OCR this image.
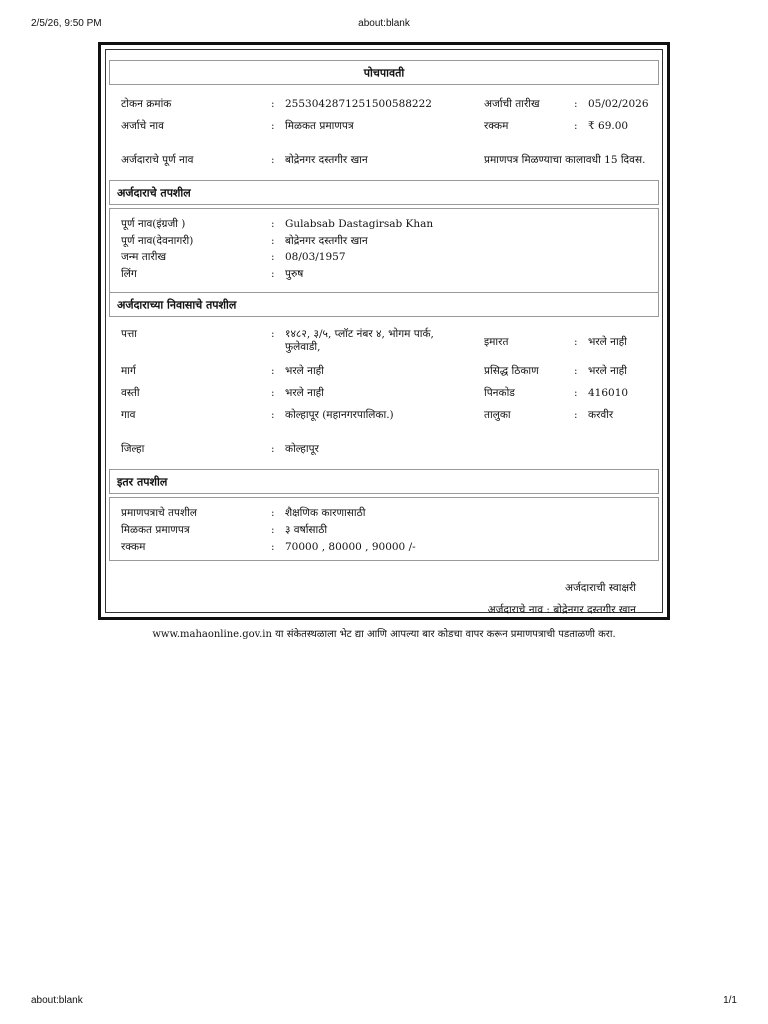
2/5/26, 9:50 PM	about:blank
पोचपावती
टोकन क्रमांक	: 2553042871251500588222	अर्जाची तारीख	: 05/02/2026
अर्जाचे नाव	: मिळकत प्रमाणपत्र	रक्कम	: ₹ 69.00
अर्जदाराचे पूर्ण नाव	: बोद्रेनगर दस्तगीर खान	प्रमाणपत्र मिळण्याचा कालावधी 15 दिवस.
अर्जदाराचे तपशील
पूर्ण नाव(इंग्रजी )	: Gulabsab Dastagirsab Khan
पूर्ण नाव(देवनागरी)	: बोद्रेनगर दस्तगीर खान
जन्म तारीख	: 08/03/1957
लिंग	: पुरुष
अर्जदाराच्या निवासाचे तपशील
पत्ता	: १४८२, ३/५, प्लॉट नंबर ४, भोगम पार्क, फुलेवाडी,	इमारत	: भरले नाही
मार्ग	: भरले नाही	प्रसिद्ध ठिकाण	: भरले नाही
वस्ती	: भरले नाही	पिनकोड	: 416010
गाव	: कोल्हापूर (महानगरपालिका.)	तालुका	: करवीर
जिल्हा	: कोल्हापूर
इतर तपशील
प्रमाणपत्राचे तपशील	: शैक्षणिक कारणासाठी
मिळकत प्रमाणपत्र	: ३ वर्षासाठी
रक्कम	: 70000 , 80000 , 90000 /-
अर्जदाराची स्वाक्षरी
अर्जदाराचे नाव : बोद्रेनगर दस्तगीर खान
www.mahaonline.gov.in या संकेतस्थळाला भेट द्या आणि आपल्या बार कोडचा वापर करून प्रमाणपत्राची पडताळणी करा.
about:blank	1/1
